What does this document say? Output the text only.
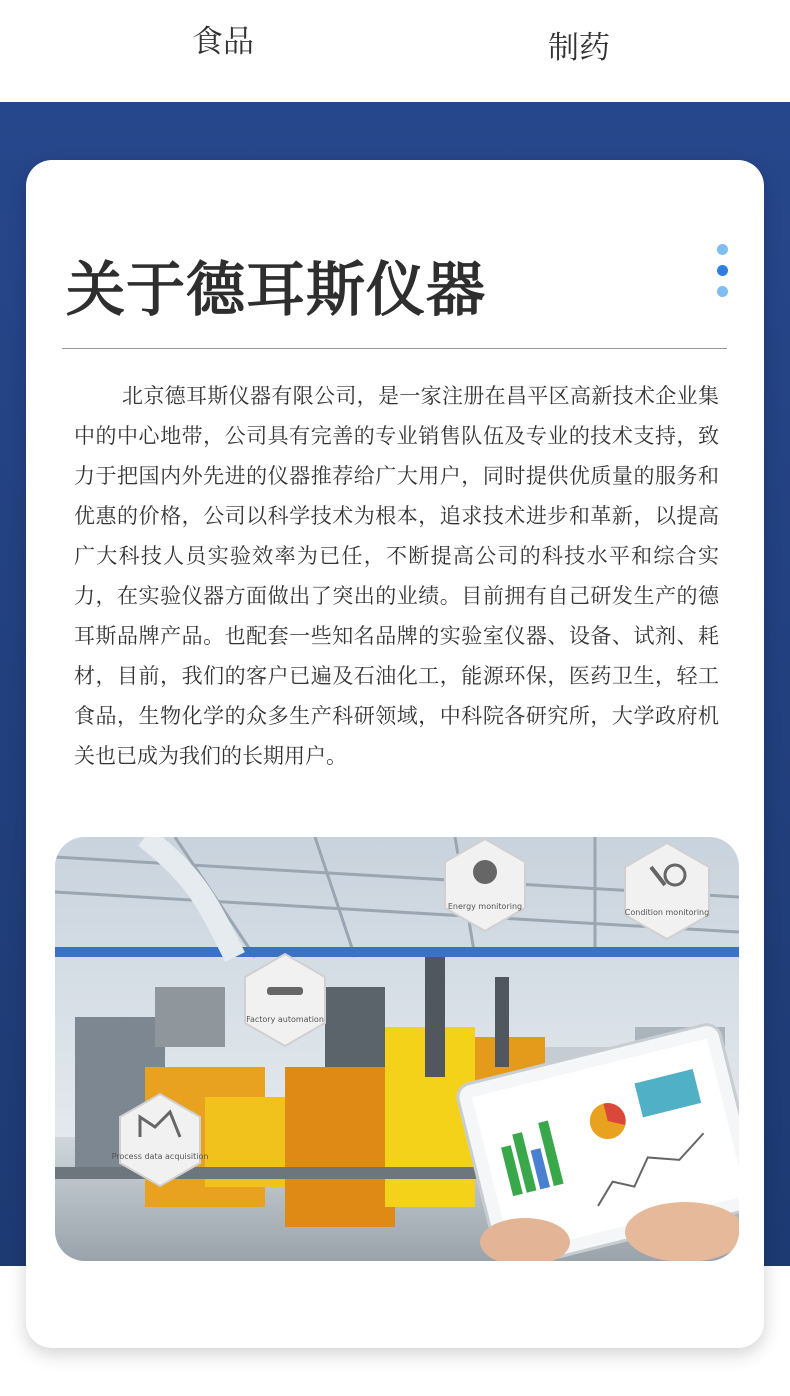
食品	制药
关于德耳斯仪器

北京德耳斯仪器有限公司，是一家注册在昌平区高新技术企业集中的中心地带，公司具有完善的专业销售队伍及专业的技术支持，致力于把国内外先进的仪器推荐给广大用户，同时提供优质量的服务和优惠的价格，公司以科学技术为根本，追求技术进步和革新，以提高广大科技人员实验效率为已任，不断提高公司的科技水平和综合实力，在实验仪器方面做出了突出的业绩。目前拥有自己研发生产的德耳斯品牌产品。也配套一些知名品牌的实验室仪器、设备、试剂、耗材，目前，我们的客户已遍及石油化工，能源环保，医药卫生，轻工食品，生物化学的众多生产科研领域，中科院各研究所，大学政府机关也已成为我们的长期用户。

Factory automation
Energy monitoring
Condition monitoring
Process data acquisition
